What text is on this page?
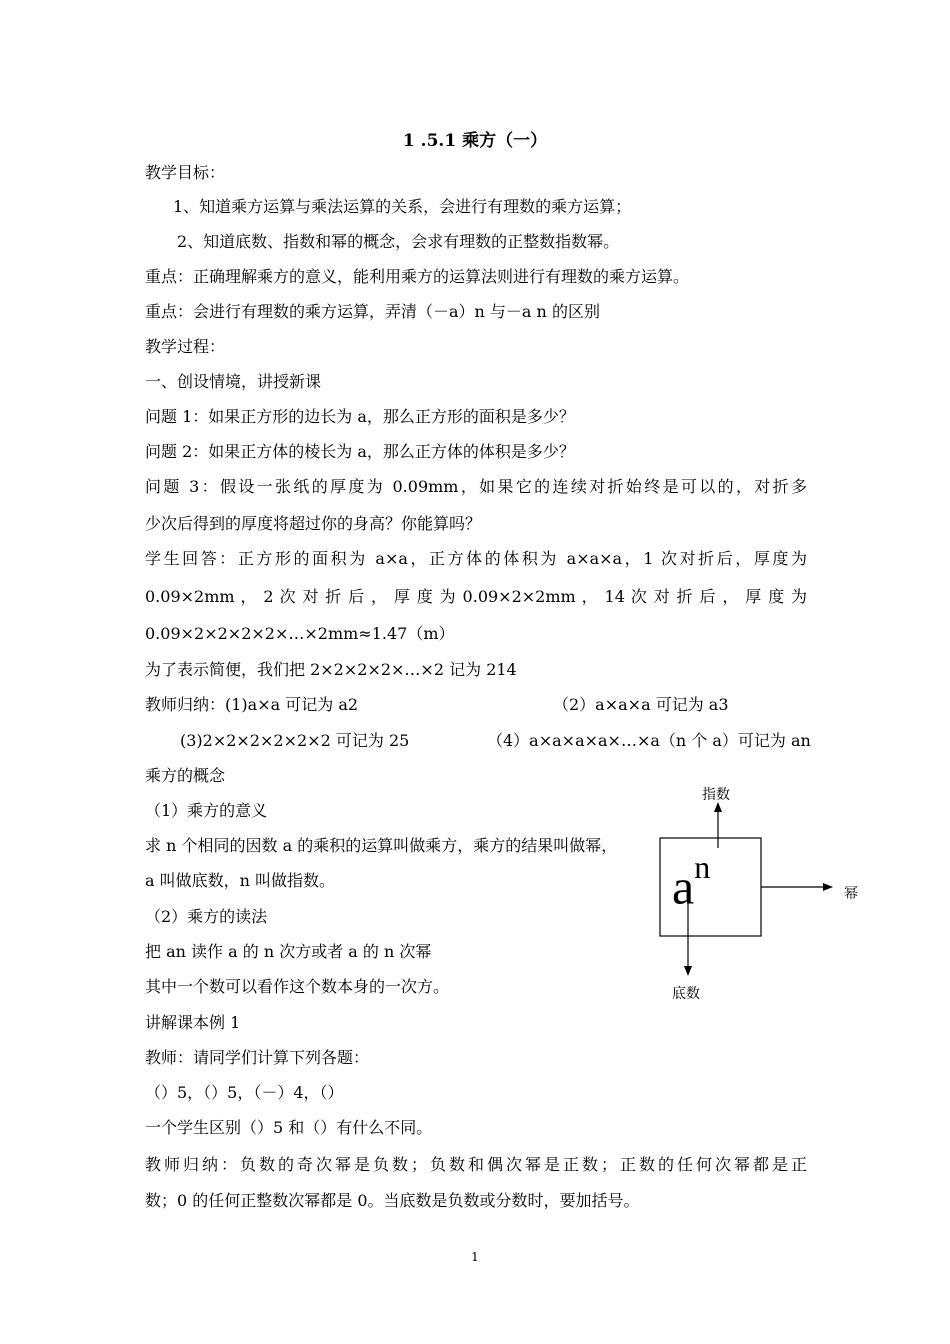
1 .5.1 乘方（一）
教学目标：
1、知道乘方运算与乘法运算的关系，会进行有理数的乘方运算；
2、知道底数、指数和幂的概念，会求有理数的正整数指数幂。
重点：正确理解乘方的意义，能利用乘方的运算法则进行有理数的乘方运算。
重点：会进行有理数的乘方运算，弄清（－a）n 与－a n 的区别
教学过程：
一、创设情境，讲授新课
问题 1：如果正方形的边长为 a，那么正方形的面积是多少？
问题 2：如果正方体的棱长为 a，那么正方体的体积是多少？
问题 3：假设一张纸的厚度为 0.09mm，如果它的连续对折始终是可以的，对折多
少次后得到的厚度将超过你的身高？你能算吗？
学生回答：正方形的面积为 a×a，正方体的体积为 a×a×a，1 次对折后，厚度为
0.09×2mm ， 2 次 对 折 后 ， 厚 度 为 0.09×2×2mm ， 14 次 对 折 后 ， 厚 度 为
0.09×2×2×2×2×…×2mm≈1.47（m）
为了表示简便，我们把 2×2×2×2×…×2 记为 214
教师归纳：(1)a×a 可记为 a2	（2）a×a×a 可记为 a3
(3)2×2×2×2×2×2 可记为 25	（4）a×a×a×a×…×a（n 个 a）可记为 an
乘方的概念
（1）乘方的意义
求 n 个相同的因数 a 的乘积的运算叫做乘方，乘方的结果叫做幂，
a 叫做底数，n 叫做指数。
（2）乘方的读法
把 an 读作 a 的 n 次方或者 a 的 n 次幂
其中一个数可以看作这个数本身的一次方。
讲解课本例 1
教师：请同学们计算下列各题：
（）5，（）5，（－）4，（）
一个学生区别（）5 和（）有什么不同。
教师归纳：负数的奇次幂是负数；负数和偶次幂是正数；正数的任何次幂都是正
数；0 的任何正整数次幂都是 0。当底数是负数或分数时，要加括号。
$a^n$
指数
幂
底数
1
